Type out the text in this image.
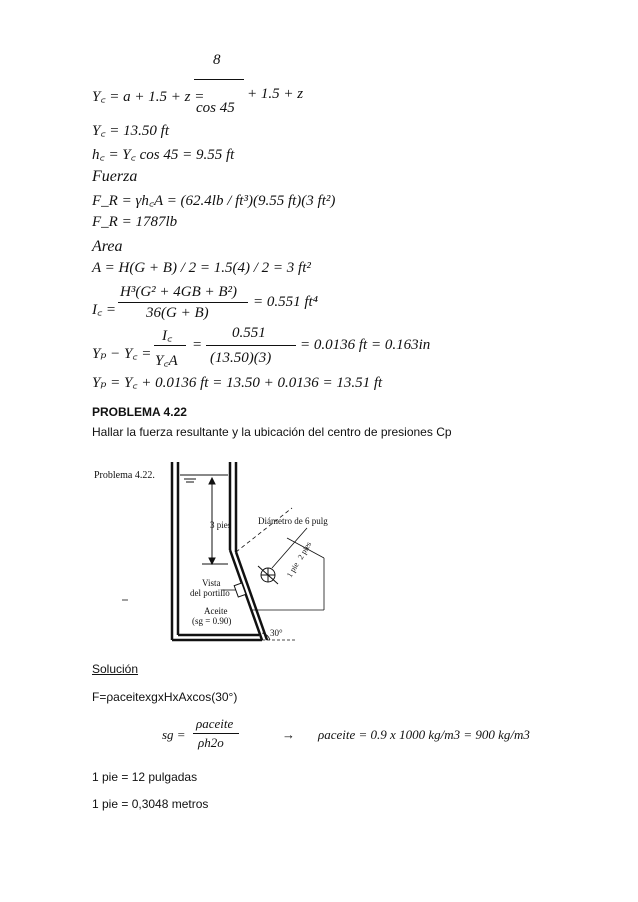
8
Y꜀ = a + 1.5 + z =
cos 45
+ 1.5 + z
Y꜀ = 13.50 ft
h꜀ = Y꜀ cos 45 = 9.55 ft
Fuerza
F_R = γh꜀A = (62.4lb / ft³)(9.55 ft)(3 ft²)
F_R = 1787lb
Area
A = H(G + B) / 2 = 1.5(4) / 2 = 3 ft²
I꜀ =
H³(G² + 4GB + B²)
36(G + B)
= 0.551 ft⁴
Yₚ − Y꜀ =
I꜀
Y꜀A
=
0.551
(13.50)(3)
= 0.0136 ft = 0.163in
Yₚ = Y꜀ + 0.0136 ft = 13.50 + 0.0136 = 13.51 ft
PROBLEMA 4.22
Hallar la fuerza resultante y la ubicación del centro de presiones Cp
Problema 4.22.
3 pies	Diámetro de 6 pulg
2 pies
1 pie
Vista
del portillo
Aceite
(sg = 0.90)
30°
Solución
F=ρaceitexgxHxAxcos(30°)
sg =
ρaceite
ρh2o
→ ρaceite = 0.9 x 1000 kg/m3 = 900 kg/m3
1 pie = 12 pulgadas
1 pie = 0,3048 metros
